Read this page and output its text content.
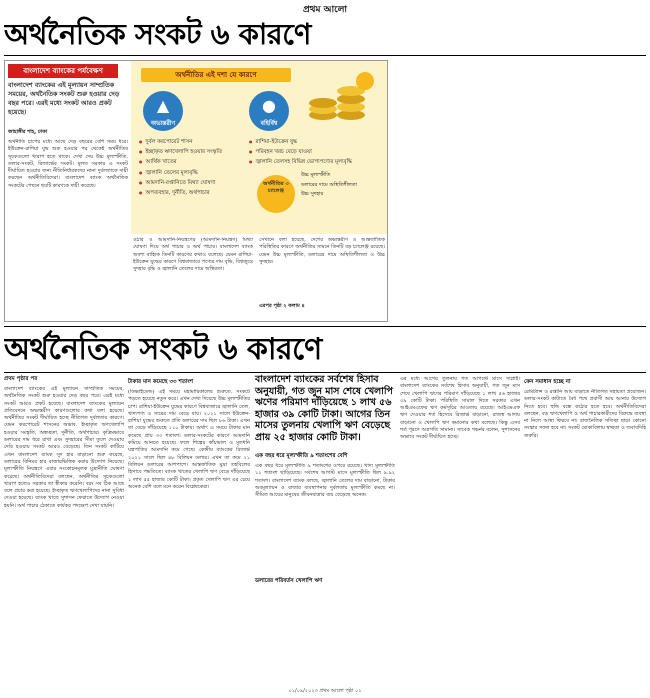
প্রথম আলো
অর্থনৈতিক সংকট ৬ কারণে
বাংলাদেশ ব্যাংকের পর্যবেক্ষণ
বাংলাদেশ ব্যাংকের এই মূল্যায়ন সাম্প্রতিক সময়ের, অর্থনৈতিক সংকট শুরু হওয়ার দেড় বছর পরে। এরই মধ্যে সংকট আরও প্রকট হয়েছে।
জাহাঙ্গীর শাহ, ঢাকা
অর্থনীতি চাপের মধ্যে আছে দেড় বছরের বেশি সময় ধরে। ইউক্রেন-রাশিয়া যুদ্ধ শুরু হওয়ার পর থেকেই অর্থনীতির সূচকগুলো খারাপ হতে থাকে। দেখা দেয় উচ্চ মূল্যস্ফীতি, ডলার-সংকট, রিজার্ভের সংকট। মূলত সরকার এ সংকট দীর্ঘায়িত হওয়ার জন্য নীতিনির্ধারকদের নানা দুর্বলতাকে দায়ী করছেন অর্থনীতিবিদেরা। বাংলাদেশ ব্যাংক অর্থনৈতিক সংকটের পেছনে ছয়টি কারণকে দায়ী করেছে।
অর্থনীতির এই দশা যে কারণে
▲
অভ্যন্তরীণ
●
বহির্বিশ্ব
● দুর্বল করপোরেট শাসন
● ইচ্ছাকৃত ঋণখেলাপি হওয়ার সংস্কৃতি
● আর্থিক খাতের
● জ্বালানি তেলের মূল্যবৃদ্ধি
● আমদানি-রপ্তানিতে মিথ্যা ঘোষণা
● অপব্যবহার, দুর্নীতি, অর্থপাচার
● রাশিয়া-ইউক্রেন যুদ্ধ
● পরিবহন খরচ বেড়ে যাওয়া
● জ্বালানি তেলসহ বিভিন্ন ভোগ্যপণ্যের মূল্যবৃদ্ধি
অর্থনীতির ৩ চ্যালেঞ্জ
উচ্চ মূল্যস্ফীতি
ডলারের দামে অস্থিতিশীলতা
উচ্চ সুদহার
ওঠার ও আমদানি-নিয়ন্ত্রণের (আমদানি-নিয়ন্ত্রণ) মিথ্যা ঘোষণা দিয়ে অর্থ পাচার ও অর্থ পাচার। বাংলাদেশ ব্যাংক অবশ্য বাহ্যিক তিনটি কারণের কথাও বলেছে। যেমন রাশিয়া-ইউক্রেন যুদ্ধের কারণে বিশ্ববাজারে পণ্যের দাম বৃদ্ধি, বিশ্বজুড়ে সুদহার বৃদ্ধি ও জ্বালানি তেলের দামে অস্থিরতা।
সেখানে বলা হয়েছে, দেশের অভ্যন্তরীণ ও আন্তর্জাতিক পরিস্থিতির কারণে অর্থনীতির সামনে তিনটি বড় চ্যালেঞ্জ রয়েছে। যেমন উচ্চ মূল্যস্ফীতি, ডলারের দামে অস্থিতিশীলতা ও উচ্চ সুদহার।
এরপর পৃষ্ঠা ২ কলাম ৪
অর্থনৈতিক সংকট ৬ কারণে
প্রথম পৃষ্ঠার পর
বাংলাদেশ ব্যাংকের এই মূল্যায়ন সাম্প্রতিক সময়ের, অর্থনৈতিক সংকট শুরু হওয়ার দেড় বছর পরে। এরই মধ্যে সংকট আরও প্রকট হয়েছে। বাংলাদেশ ব্যাংকের মূল্যায়ন প্রতিবেদনে অভ্যন্তরীণ কারণগুলোর কথা বলা হয়েছে। অর্থনীতির সংকট দীর্ঘায়িত হচ্ছে নীতিগত দুর্বলতার কারণে। যেমন করপোরেট শাসনের অভাব, ইচ্ছাকৃত ঋণখেলাপি হওয়ার সংস্কৃতি, অস্বচ্ছতা, দুর্নীতি, অর্থপাচার। কৃত্রিমভাবে ডলারের দাম ধরে রাখা এবং সুদহারের সীমা তুলে দেওয়ায় দেরি হওয়ায় সংকট আরও বেড়েছে। তিন সংকট কাটিয়ে এখন বাংলাদেশ ব্যাংক সুদ হার বাড়ানো শুরু করেছে, ডলারের বিনিময় হার বাজারভিত্তিক করার উদ্যোগ নিয়েছে। মূল্যস্ফীতি নিয়ন্ত্রণে এবার সংকোচনমূলক মুদ্রানীতি ঘোষণা করেছে। অর্থনীতিবিদেরা বলছেন, অর্থনীতির সূচকগুলো খারাপ হলেও সরকার তা স্বীকার করেনি। বরং সব ঠিক আছে বলে প্রচার করা হয়েছে। ইচ্ছাকৃত ঋণখেলাপিদের নানা সুবিধা দেওয়া হয়েছে। ব্যাংক খাতে সুশাসন ফেরাতে উদ্যোগ নেওয়া হয়নি। অর্থ পাচার ঠেকাতে কার্যকর পদক্ষেপ দেখা যায়নি।
টাকার মান কমেছে ৩৩ শতাংশ
(ডিভাইডেন্ড) এই সময়ে মহামারিকালের শুরুতে, সংকটে পড়তে হয়েছে নতুন করে। এখন দেখা দিয়েছে উচ্চ মূল্যস্ফীতির চাপ। রাশিয়া-ইউক্রেন যুদ্ধের কারণে বিশ্ববাজারে জ্বালানি তেল, খাদ্যপণ্য ও সারের দাম বেড়ে যায়। ২০২১ সালে ইউক্রেন-রাশিয়া যুদ্ধের শুরুতে প্রতি ডলারের দাম ছিল ৮৬ টাকা। এখন তা বেড়ে দাঁড়িয়েছে ১১০ টাকায়। অর্থাৎ এ সময়ে টাকার মান কমেছে প্রায় ৩৩ শতাংশ। ডলার-সংকটের কারণে আমদানি কমিয়ে আনতে হয়েছে। ফলে শিল্পের কাঁচামাল ও মূলধনি যন্ত্রপাতির আমদানি কমে গেছে। কেন্দ্রীয় ব্যাংকের রিজার্ভ ২০২১ সালে ছিল ৪৮ বিলিয়ন ডলার। এখন তা কমে ২১ বিলিয়ন ডলারের আশপাশে। আন্তর্জাতিক মুদ্রা তহবিলের হিসাবে পদ্ধতিতে। ব্যাংক খাতের খেলাপি ঋণ বেড়ে দাঁড়িয়েছে ১ লাখ ৫৫ হাজার কোটি টাকা। প্রকৃত খেলাপি ঋণ এর চেয়ে অনেক বেশি বলে মনে করেন বিশ্লেষকেরা।
বাংলাদেশ ব্যাংকের সর্বশেষ হিসাব অনুযায়ী, গত জুন মাস শেষে খেলাপি ঋণের পরিমাণ দাঁড়িয়েছে ১ লাখ ৫৬ হাজার ৩৯ কোটি টাকা। আগের তিন মাসের তুলনায় খেলাপি ঋণ বেড়েছে প্রায় ২৫ হাজার কোটি টাকা।
এক বছর ধরে মূল্যস্ফীতি ৯ শতাংশের বেশি
এক বছর ধরে মূল্যস্ফীতি ৯ শতাংশের ওপরে রয়েছে। খাদ্য মূল্যস্ফীতি ১২ শতাংশ ছাড়িয়েছে। সর্বশেষ আগস্ট মাসে মূল্যস্ফীতি ছিল ৯.৯২ শতাংশ। বাংলাদেশ ব্যাংক বলছে, জ্বালানি তেলের দাম বাড়ানো, টাকার অবমূল্যায়ন ও বাজার ব্যবস্থাপনার দুর্বলতায় মূল্যস্ফীতি কমছে না। সীমিত আয়ের মানুষের জীবনযাত্রার ব্যয় বেড়েছে অনেক।
ডলারের পরিবর্তন খেলাপি ঋণ
এর মধ্যে আগের তুলনায় গত আগস্টে মাসে সাপ্লাই। বাংলাদেশ ব্যাংকের সর্বশেষ হিসাব অনুযায়ী, গত জুন মাস শেষে খেলাপি ঋণের পরিমাণ দাঁড়িয়েছে ১ লাখ ৫৬ হাজার ৩৯ কোটি টাকা। পরিস্থিতি সামাল দিতে সরকার এখন আইএমএফের ঋণ কর্মসূচির আওতায় রয়েছে। আইএমএফ ঋণ দেওয়ার শর্ত হিসেবে রিজার্ভ বাড়ানো, রাজস্ব আদায় বাড়ানো ও খেলাপি ঋণ কমানোর কথা বলেছে। কিন্তু এসব শর্ত পূরণে অগ্রগতি সামান্য। সাবেক গভর্নর বলেন, সুশাসনের অভাবে সংকট দীর্ঘায়িত হচ্ছে।
কেন সমাধান হচ্ছে না
রেমিট্যান্স ও রপ্তানি আয় বাড়াতে নীতিগত সহায়তা প্রয়োজন। ডলার-সংকট কাটাতে বৈধ পথে প্রবাসী আয় আনার উদ্যোগ নিতে হবে। হুন্ডি বন্ধে কঠোর হতে হবে। অর্থনীতিবিদেরা বলছেন, বড় ঋণখেলাপি ও অর্থ পাচারকারীদের বিরুদ্ধে ব্যবস্থা না নিলে আস্থা ফিরবে না। রাজনৈতিক সদিচ্ছা ছাড়া কোনো সংস্কার সফল হবে না। সংকট মোকাবিলায় স্বচ্ছতা ও জবাবদিহি জরুরি।
০১/০৯/২০২৩ প্রথম আলো পৃষ্ঠা ০১
